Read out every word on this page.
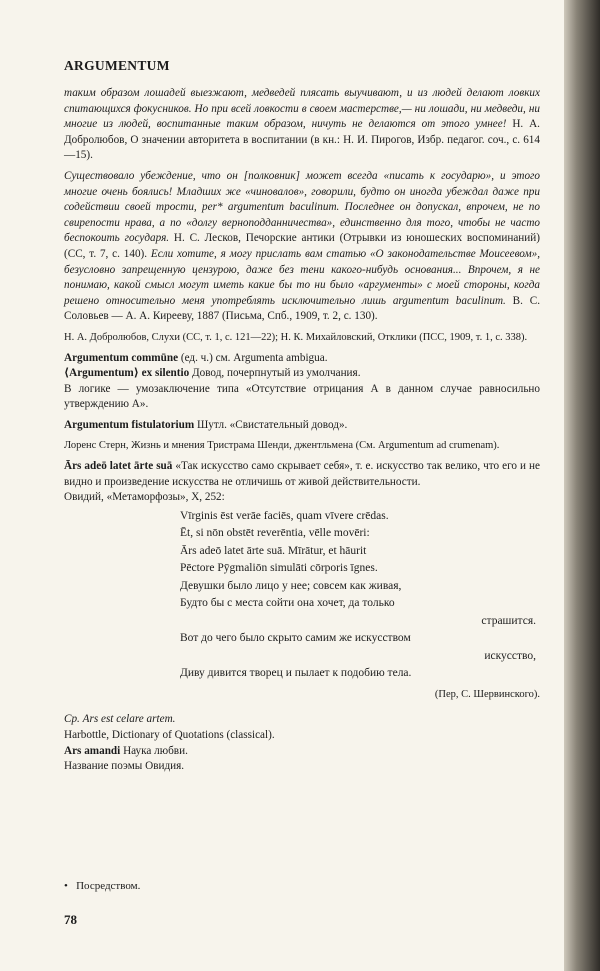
ARGUMENTUM

таким образом лошадей выезжают, медведей плясать выучивают, и из людей делают ловких спитающихся фокусников. Но при всей ловкости в своем мастерстве,— ни лошади, ни медведи, ни многие из людей, воспитанные таким образом, ничуть не делаются от этого умнее! Н. А. Добролюбов, О значении авторитета в воспитании (в кн.: Н. И. Пирогов, Избр. педагог. соч., с. 614—15).

Существовало убеждение, что он [полковник] может всегда «писать к государю», и этого многие очень боялись! Младших же «чиновалов», говорили, будто он иногда убеждал даже при содействии своей трости, per* argumentum baculinum. Последнее он допускал, впрочем, не по свирепости нрава, а по «долгу верноподданничества», единственно для того, чтобы не часто беспокоить государя. Н. С. Лесков, Печорские антики (Отрывки из юношеских воспоминаний) (СС, т. 7, с. 140). Если хотите, я могу прислать вам статью «О законодательстве Моисеевом», безусловно запрещенную цензурою, даже без тени какого-нибудь основания... Впрочем, я не понимаю, какой смысл могут иметь какие бы то ни было «аргументы» с моей стороны, когда решено относительно меня употреблять исключительно лишь argumentum baculinum. В. С. Соловьев — А. А. Кирееву, 1887 (Письма, Спб., 1909, т. 2, с. 130).

Н. А. Добролюбов, Слухи (СС, т. 1, с. 121—22); Н. К. Михайловский, Отклики (ПСС, 1909, т. 1, с. 338).

Argumentum commūne (ед. ч.) см. Argumenta ambigua.

⟨Argumentum⟩ ex silentio Довод, почерпнутый из умолчания.

В логике — умозаключение типа «Отсутствие отрицания А в данном случае равносильно утверждению А».

Argumentum fistulatorium Шутл. «Свистательный довод».

Лоренс Стерн, Жизнь и мнения Тристрама Шенди, джентльмена (См. Argumentum ad crumenam).

Ārs adeō latet ārte suā «Так искусство само скрывает себя», т. е. искусство так велико, что его и не видно и произведение искусства не отличишь от живой действительности.

Овидий, «Метаморфозы», X, 252:

Vīrginis ēst verāe faciēs, quam vīvere crēdas.
Ēt, si nōn obstēt reverēntia, vēlle movēri:
Ārs adeō latet ārte suā. Mīrātur, et hāurit
Pēctore Pӯgmaliōn simulāti cōrporis īgnes.
Девушки было лицо у нее; совсем как живая,
Будто бы с места сойти она хочет, да только
страшится.
Вот до чего было скрыто самим же искусством
искусство,
Диву дивится творец и пылает к подобию тела.

(Пер, С. Шервинского).

Ср. Ars est celare artem.

Harbottle, Dictionary of Quotations (classical).

Ars amandi Наука любви.

Название поэмы Овидия.

•   Посредством.
78
